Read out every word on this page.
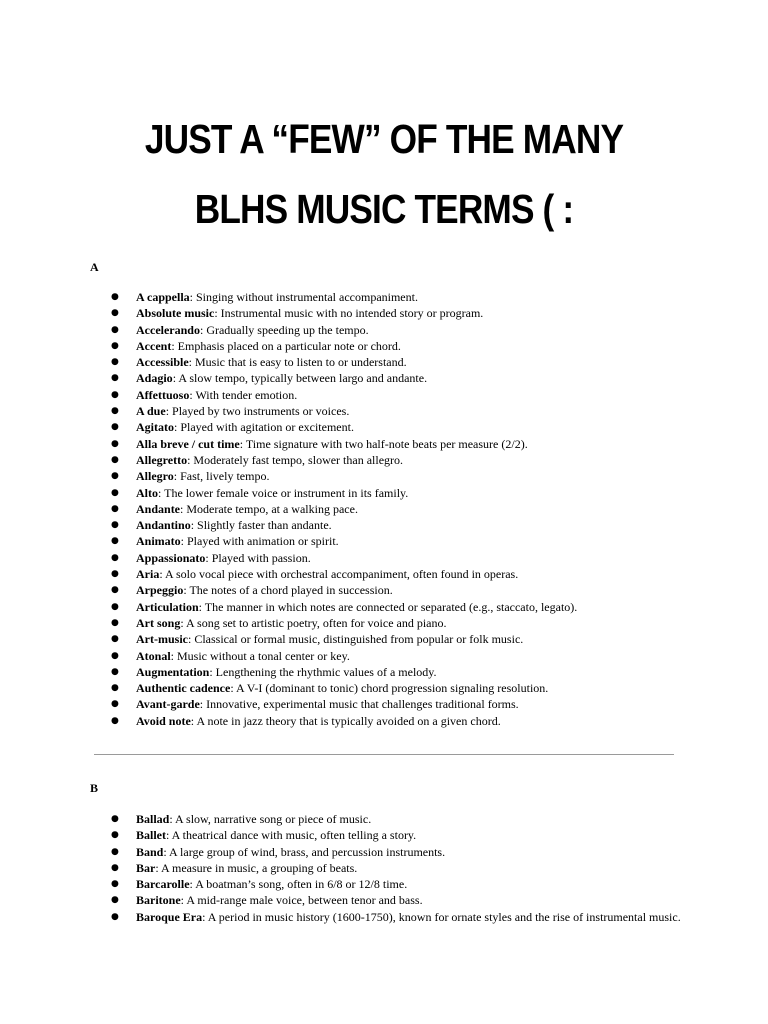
JUST A “FEW” OF THE MANY
BLHS MUSIC TERMS ( :
A
● A cappella: Singing without instrumental accompaniment.
● Absolute music: Instrumental music with no intended story or program.
● Accelerando: Gradually speeding up the tempo.
● Accent: Emphasis placed on a particular note or chord.
● Accessible: Music that is easy to listen to or understand.
● Adagio: A slow tempo, typically between largo and andante.
● Affettuoso: With tender emotion.
● A due: Played by two instruments or voices.
● Agitato: Played with agitation or excitement.
● Alla breve / cut time: Time signature with two half-note beats per measure (2/2).
● Allegretto: Moderately fast tempo, slower than allegro.
● Allegro: Fast, lively tempo.
● Alto: The lower female voice or instrument in its family.
● Andante: Moderate tempo, at a walking pace.
● Andantino: Slightly faster than andante.
● Animato: Played with animation or spirit.
● Appassionato: Played with passion.
● Aria: A solo vocal piece with orchestral accompaniment, often found in operas.
● Arpeggio: The notes of a chord played in succession.
● Articulation: The manner in which notes are connected or separated (e.g., staccato, legato).
● Art song: A song set to artistic poetry, often for voice and piano.
● Art-music: Classical or formal music, distinguished from popular or folk music.
● Atonal: Music without a tonal center or key.
● Augmentation: Lengthening the rhythmic values of a melody.
● Authentic cadence: A V-I (dominant to tonic) chord progression signaling resolution.
● Avant-garde: Innovative, experimental music that challenges traditional forms.
● Avoid note: A note in jazz theory that is typically avoided on a given chord.
B
● Ballad: A slow, narrative song or piece of music.
● Ballet: A theatrical dance with music, often telling a story.
● Band: A large group of wind, brass, and percussion instruments.
● Bar: A measure in music, a grouping of beats.
● Barcarolle: A boatman’s song, often in 6/8 or 12/8 time.
● Baritone: A mid-range male voice, between tenor and bass.
● Baroque Era: A period in music history (1600-1750), known for ornate styles and the rise of instrumental music.
